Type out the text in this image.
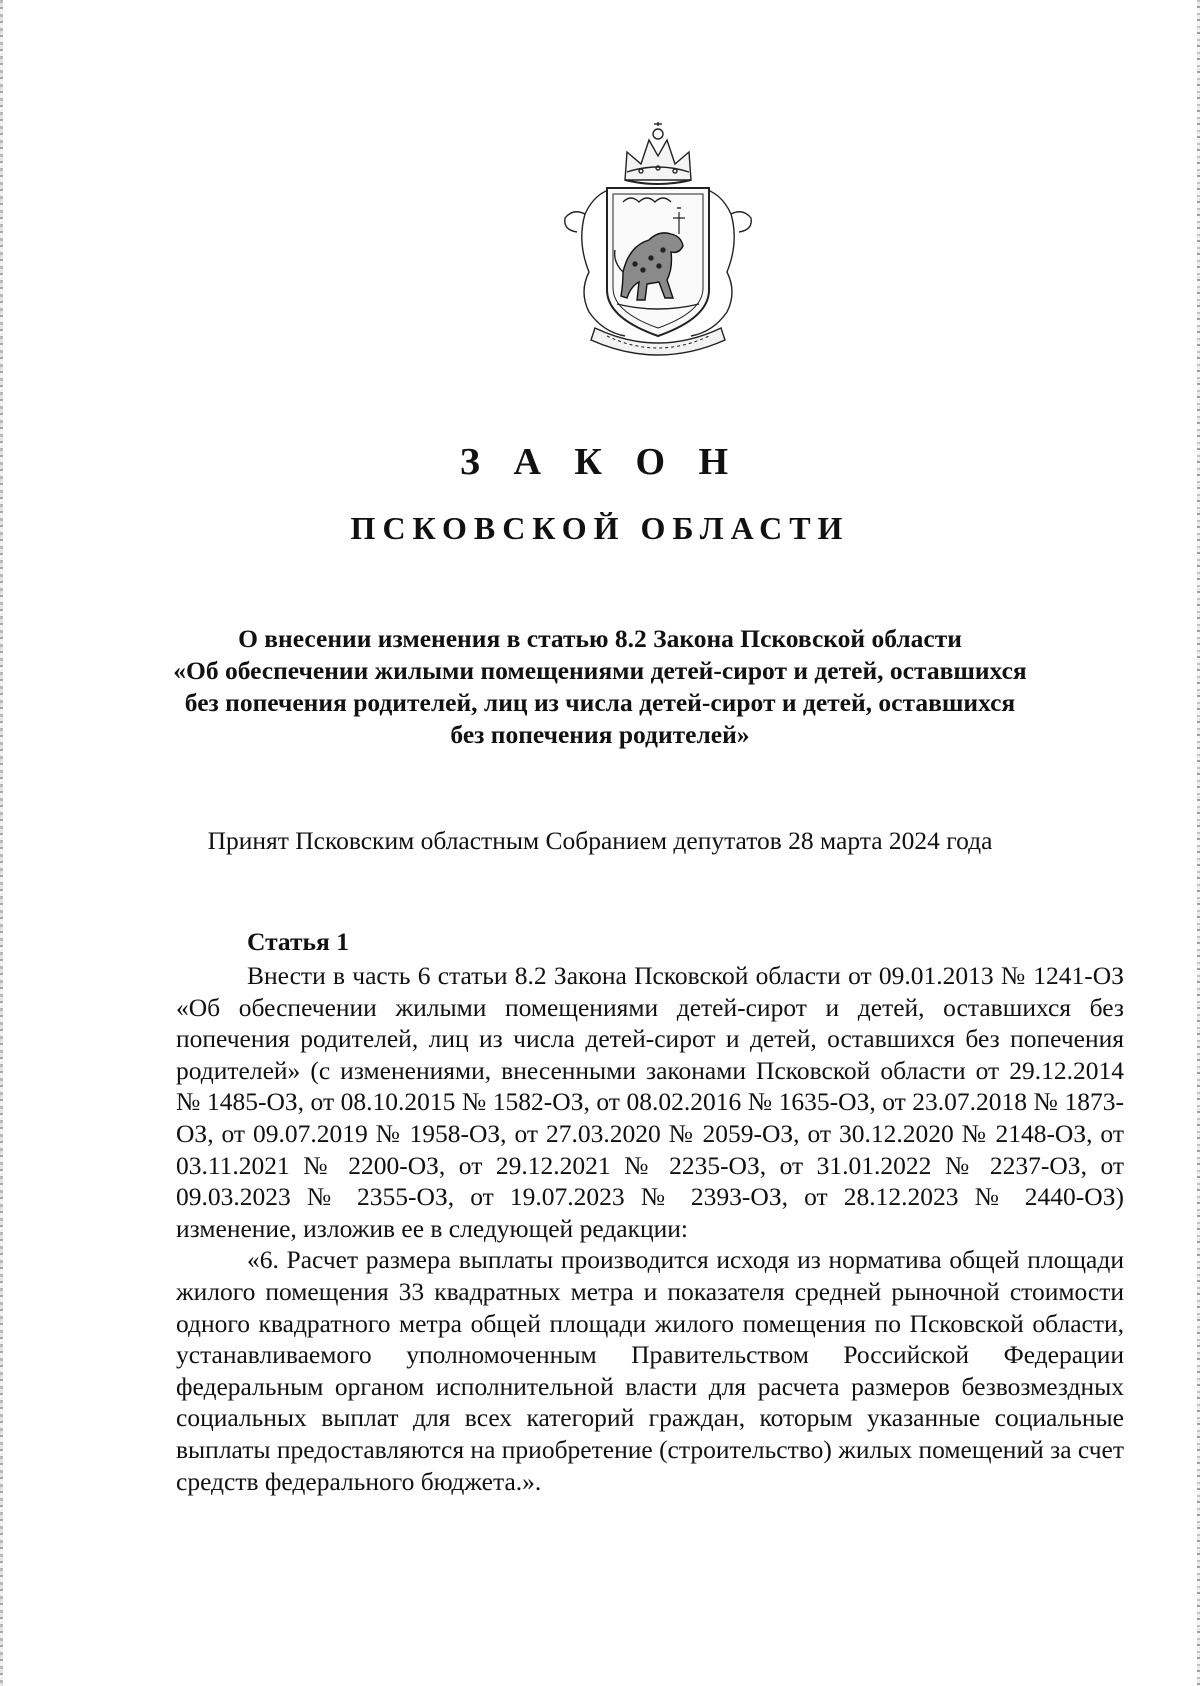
З А К О Н
ПСКОВСКОЙ ОБЛАСТИ
О внесении изменения в статью 8.2 Закона Псковской области
«Об обеспечении жилыми помещениями детей-сирот и детей, оставшихся
без попечения родителей, лиц из числа детей-сирот и детей, оставшихся
без попечения родителей»

Принят Псковским областным Собранием депутатов 28 марта 2024 года

Статья 1

Внести в часть 6 статьи 8.2 Закона Псковской области от 09.01.2013 № 1241-ОЗ «Об обеспечении жилыми помещениями детей-сирот и детей, оставшихся без попечения родителей, лиц из числа детей-сирот и детей, оставшихся без попечения родителей» (с изменениями, внесенными законами Псковской области от 29.12.2014 № 1485-ОЗ, от 08.10.2015 № 1582-ОЗ, от 08.02.2016 № 1635-ОЗ, от 23.07.2018 № 1873-ОЗ, от 09.07.2019 № 1958-ОЗ, от 27.03.2020 № 2059-ОЗ, от 30.12.2020 № 2148-ОЗ, от 03.11.2021 № 2200-ОЗ, от 29.12.2021 № 2235-ОЗ, от 31.01.2022 № 2237-ОЗ, от 09.03.2023 № 2355-ОЗ, от 19.07.2023 № 2393-ОЗ, от 28.12.2023 № 2440-ОЗ) изменение, изложив ее в следующей редакции:

«6. Расчет размера выплаты производится исходя из норматива общей площади жилого помещения 33 квадратных метра и показателя средней рыночной стоимости одного квадратного метра общей площади жилого помещения по Псковской области, устанавливаемого уполномоченным Правительством Российской Федерации федеральным органом исполнительной власти для расчета размеров безвозмездных социальных выплат для всех категорий граждан, которым указанные социальные выплаты предоставляются на приобретение (строительство) жилых помещений за счет средств федерального бюджета.».
